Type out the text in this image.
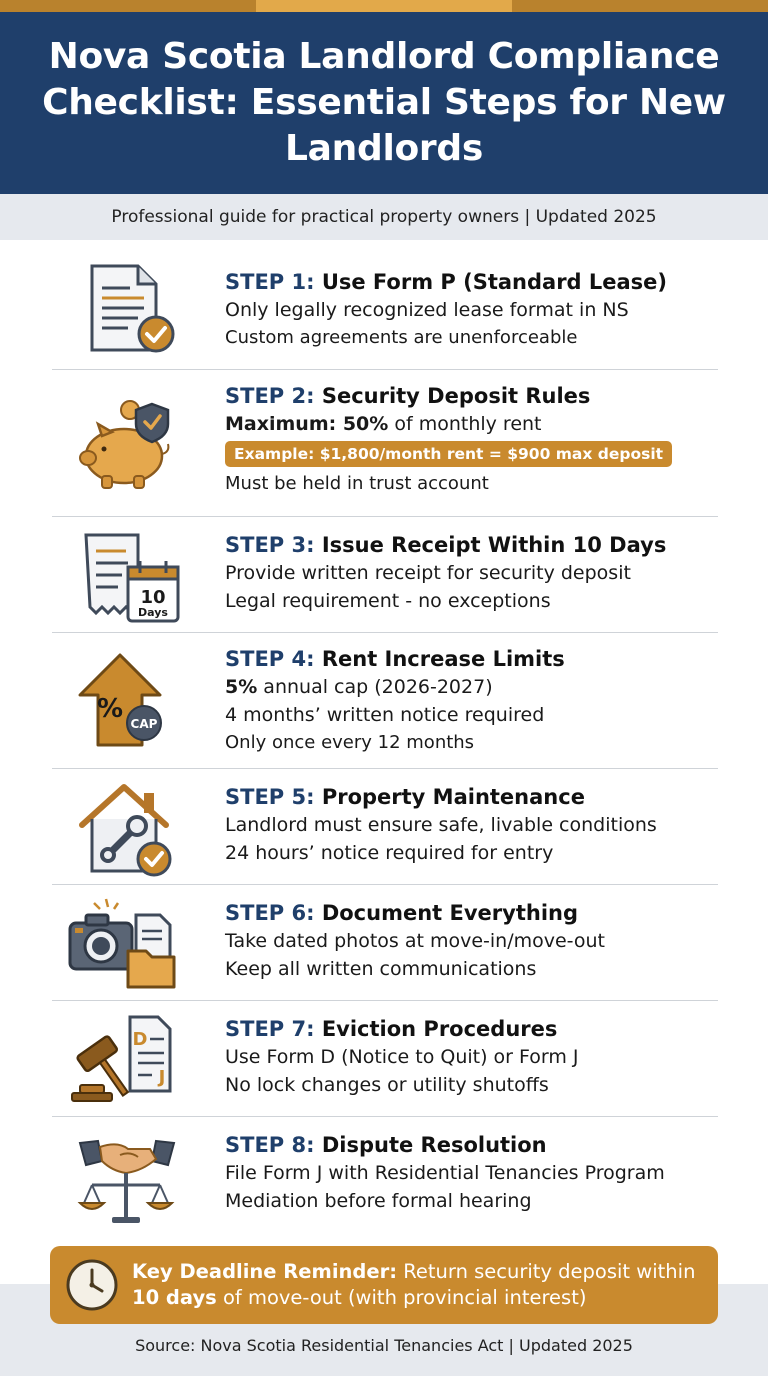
Nova Scotia Landlord Compliance Checklist: Essential Steps for New Landlords
Professional guide for practical property owners | Updated 2025
STEP 1: Use Form P (Standard Lease)
Only legally recognized lease format in NS
Custom agreements are unenforceable
STEP 2: Security Deposit Rules
Maximum: 50% of monthly rent
Example: $1,800/month rent = $900 max deposit
Must be held in trust account
10
Days
STEP 3: Issue Receipt Within 10 Days
Provide written receipt for security deposit
Legal requirement - no exceptions
% CAP
STEP 4: Rent Increase Limits
5% annual cap (2026-2027)
4 months’ written notice required
Only once every 12 months
STEP 5: Property Maintenance
Landlord must ensure safe, livable conditions
24 hours’ notice required for entry
STEP 6: Document Everything
Take dated photos at move-in/move-out
Keep all written communications
D
J
STEP 7: Eviction Procedures
Use Form D (Notice to Quit) or Form J
No lock changes or utility shutoffs
STEP 8: Dispute Resolution
File Form J with Residential Tenancies Program
Mediation before formal hearing
Key Deadline Reminder: Return security deposit within
10 days of move-out (with provincial interest)
Source: Nova Scotia Residential Tenancies Act | Updated 2025
